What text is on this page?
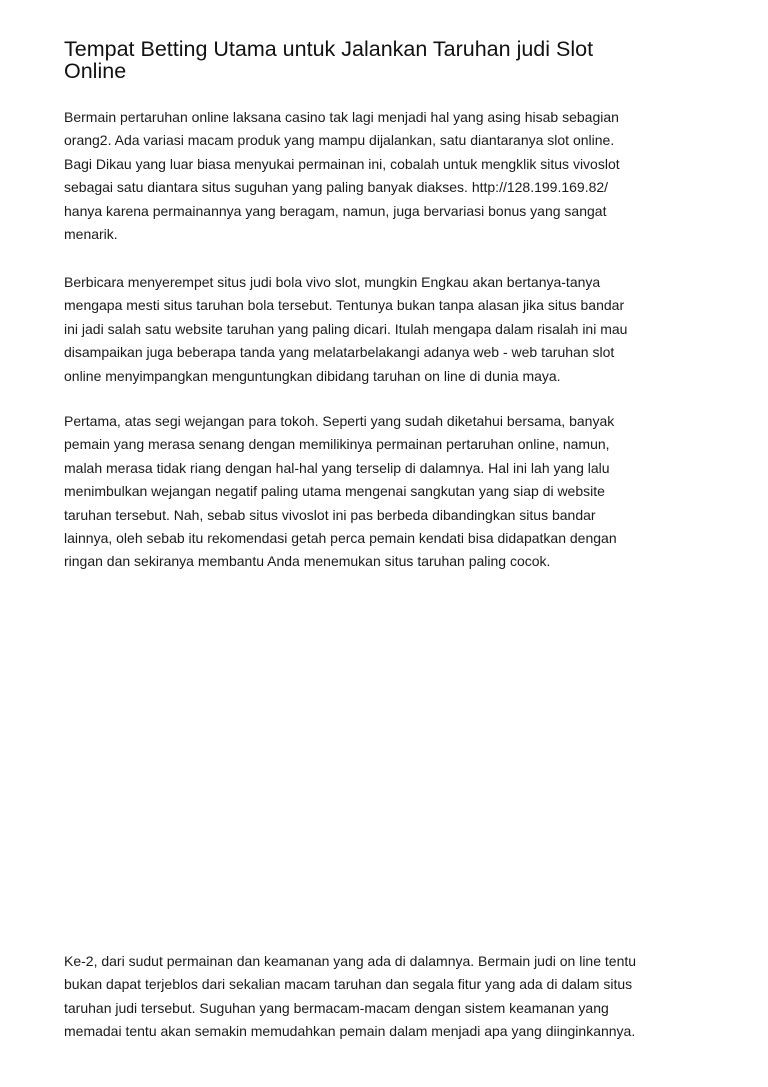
Tempat Betting Utama untuk Jalankan Taruhan judi Slot
Online

Bermain pertaruhan online laksana casino tak lagi menjadi hal yang asing hisab sebagian
orang2. Ada variasi macam produk yang mampu dijalankan, satu diantaranya slot online.
Bagi Dikau yang luar biasa menyukai permainan ini, cobalah untuk mengklik situs vivoslot
sebagai satu diantara situs suguhan yang paling banyak diakses. http://128.199.169.82/
hanya karena permainannya yang beragam, namun, juga bervariasi bonus yang sangat
menarik.

Berbicara menyerempet situs judi bola vivo slot, mungkin Engkau akan bertanya-tanya
mengapa mesti situs taruhan bola tersebut. Tentunya bukan tanpa alasan jika situs bandar
ini jadi salah satu website taruhan yang paling dicari. Itulah mengapa dalam risalah ini mau
disampaikan juga beberapa tanda yang melatarbelakangi adanya web - web taruhan slot
online menyimpangkan menguntungkan dibidang taruhan on line di dunia maya.

Pertama, atas segi wejangan para tokoh. Seperti yang sudah diketahui bersama, banyak
pemain yang merasa senang dengan memilikinya permainan pertaruhan online, namun,
malah merasa tidak riang dengan hal-hal yang terselip di dalamnya. Hal ini lah yang lalu
menimbulkan wejangan negatif paling utama mengenai sangkutan yang siap di website
taruhan tersebut. Nah, sebab situs vivoslot ini pas berbeda dibandingkan situs bandar
lainnya, oleh sebab itu rekomendasi getah perca pemain kendati bisa didapatkan dengan
ringan dan sekiranya membantu Anda menemukan situs taruhan paling cocok.

Ke-2, dari sudut permainan dan keamanan yang ada di dalamnya. Bermain judi on line tentu
bukan dapat terjeblos dari sekalian macam taruhan dan segala fitur yang ada di dalam situs
taruhan judi tersebut. Suguhan yang bermacam-macam dengan sistem keamanan yang
memadai tentu akan semakin memudahkan pemain dalam menjadi apa yang diinginkannya.
